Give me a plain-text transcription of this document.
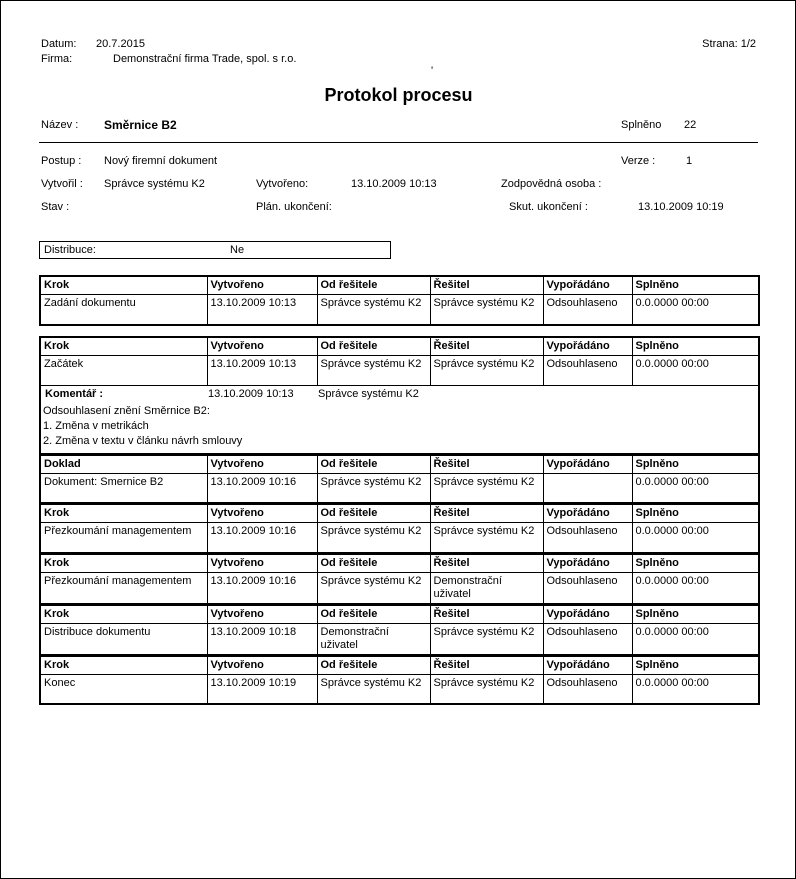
Datum: 20.7.2015	Strana: 1/2
Firma:	Demonstrační firma Trade, spol. s r.o.
'
Protokol procesu
Název : Směrnice B2	Splněno 22
Postup : Nový firemní dokument	Verze :	1
Vytvořil : Správce systému K2	Vytvořeno:	13.10.2009 10:13	Zodpovědná osoba :
Stav :	Plán. ukončení:	Skut. ukončení :	13.10.2009 10:19
Distribuce:	Ne
Krok	Vytvořeno	Od řešitele	Řešitel	Vypořádáno	Splněno
Zadání dokumentu	13.10.2009 10:13	Správce systému K2	Správce systému K2	Odsouhlaseno	0.0.0000 00:00
Krok	Vytvořeno	Od řešitele	Řešitel	Vypořádáno	Splněno
Začátek	13.10.2009 10:13	Správce systému K2	Správce systému K2	Odsouhlaseno	0.0.0000 00:00

Komentář : 13.10.2009 10:13 Správce systému K2					

Odsouhlasení znění Směrnice B2:
1. Změna v metrikách
2. Změna v textu v článku návrh smlouvy					
Doklad	Vytvořeno	Od řešitele	Řešitel	Vypořádáno	Splněno
Dokument: Smernice B2	13.10.2009 10:16	Správce systému K2	Správce systému K2		0.0.0000 00:00
Krok	Vytvořeno	Od řešitele	Řešitel	Vypořádáno	Splněno
Přezkoumání managementem	13.10.2009 10:16	Správce systému K2	Správce systému K2	Odsouhlaseno	0.0.0000 00:00
Krok	Vytvořeno	Od řešitele	Řešitel	Vypořádáno	Splněno
Přezkoumání managementem	13.10.2009 10:16	Správce systému K2	Demonstrační uživatel	Odsouhlaseno	0.0.0000 00:00
Krok	Vytvořeno	Od řešitele	Řešitel	Vypořádáno	Splněno
Distribuce dokumentu	13.10.2009 10:18	Demonstrační uživatel	Správce systému K2	Odsouhlaseno	0.0.0000 00:00
Krok	Vytvořeno	Od řešitele	Řešitel	Vypořádáno	Splněno
Konec	13.10.2009 10:19	Správce systému K2	Správce systému K2	Odsouhlaseno	0.0.0000 00:00
